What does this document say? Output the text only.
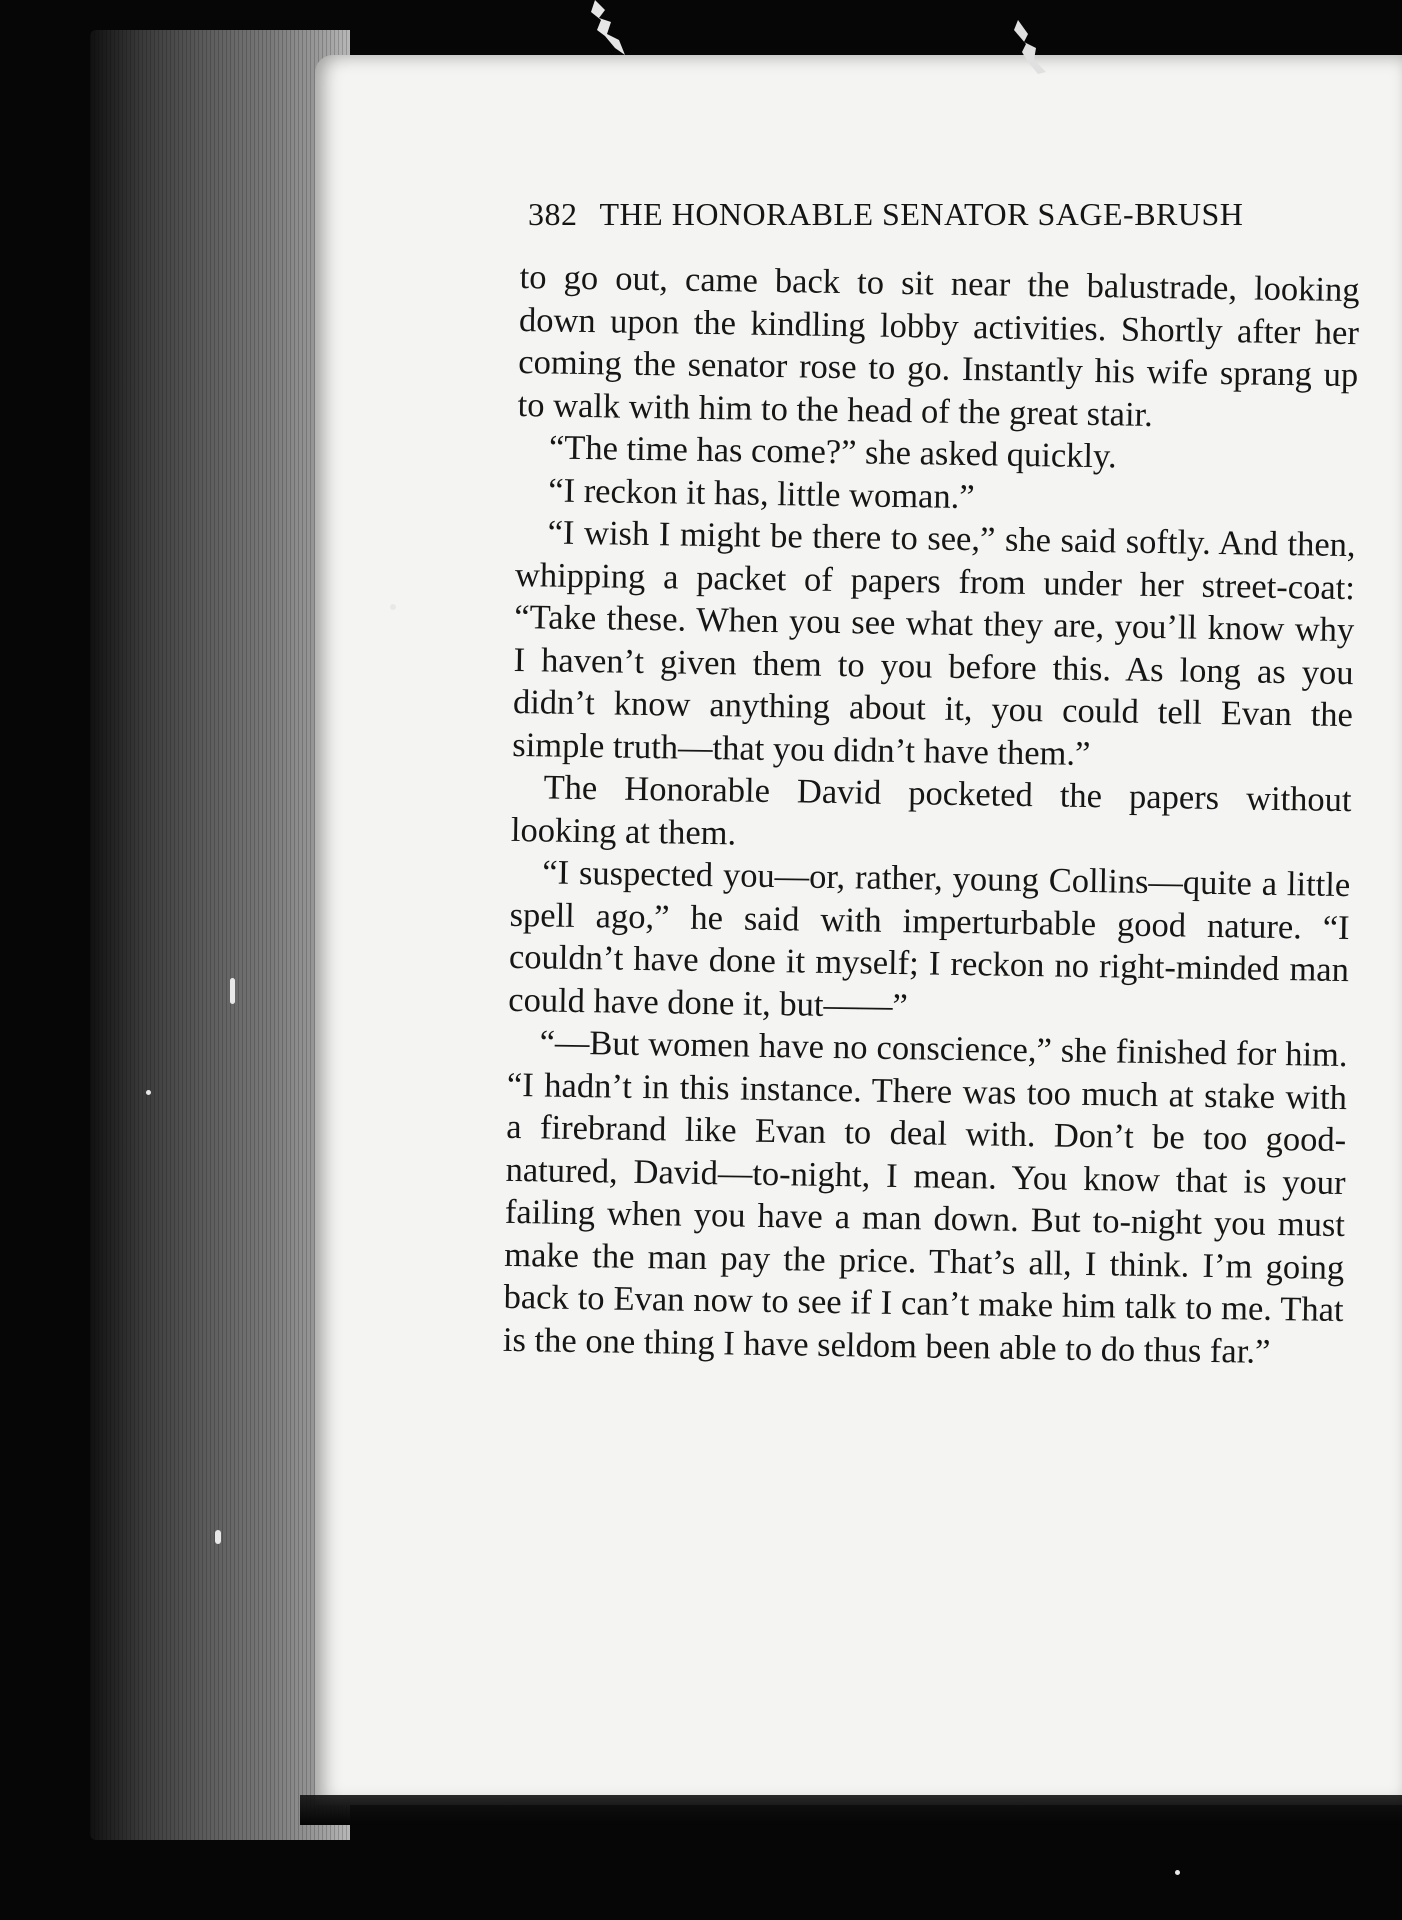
382 THE HONORABLE SENATOR SAGE-BRUSH

to go out, came back to sit near the balustrade, looking down upon the kindling lobby activities. Shortly after her coming the senator rose to go. Instantly his wife sprang up to walk with him to the head of the great stair.

“The time has come?” she asked quickly.

“I reckon it has, little woman.”

“I wish I might be there to see,” she said softly. And then, whipping a packet of papers from under her street-coat: “Take these. When you see what they are, you’ll know why I haven’t given them to you before this. As long as you didn’t know anything about it, you could tell Evan the simple truth—that you didn’t have them.”

The Honorable David pocketed the papers without looking at them.

“I suspected you—or, rather, young Collins—quite a little spell ago,” he said with imperturbable good nature. “I couldn’t have done it myself; I reckon no right-minded man could have done it, but——”

“—But women have no conscience,” she finished for him. “I hadn’t in this instance. There was too much at stake with a firebrand like Evan to deal with. Don’t be too good-natured, David—to-night, I mean. You know that is your failing when you have a man down. But to-night you must make the man pay the price. That’s all, I think. I’m going back to Evan now to see if I can’t make him talk to me. That is the one thing I have seldom been able to do thus far.”
